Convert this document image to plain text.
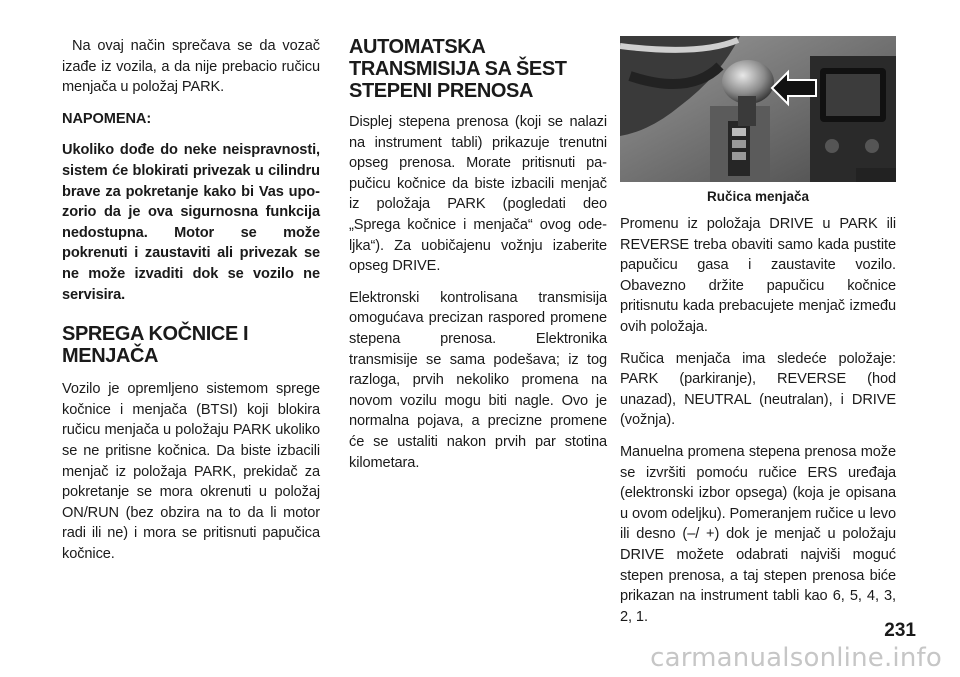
Na ovaj način sprečava se da vozač izađe iz vozila, a da nije prebacio ručicu menjača u položaj PARK.

NAPOMENA:

Ukoliko dođe do neke neispravnosti, sistem će blokirati privezak u cilindru brave za pokretanje kako bi Vas upozorio da je ova sigurnosna funkcija nedostupna. Motor se može pokrenuti i zaustaviti ali privezak se ne može izvaditi dok se vozilo ne servisira.

SPREGA KOČNICE I MENJAČA

Vozilo je opremljeno sistemom sprege kočnice i menjača (BTSI) koji blokira ručicu menjača u položaju PARK ukoliko se ne pritisne kočnica. Da biste izbacili menjač iz položaja PARK, prekidač za pokretanje se mora okrenuti u položaj ON/RUN (bez obzira na to da li motor radi ili ne) i mora se pritisnuti papučica kočnice.

AUTOMATSKA TRANSMISIJA SA ŠEST STEPENI PRENOSA

Displej stepena prenosa (koji se nalazi na instrument tabli) prikazuje trenutni opseg prenosa. Morate pritisnuti papučicu kočnice da biste izbacili menjač iz položaja PARK (pogledati deo „Sprega kočnice i menjača“ ovog odeljka“). Za uobičajenu vožnju izaberite opseg DRIVE.

Elektronski kontrolisana transmisija omogućava precizan raspored promene stepena prenosa. Elektronika transmisije se sama podešava; iz tog razloga, prvih nekoliko promena na novom vozilu mogu biti nagle. Ovo je normalna pojava, a precizne promene će se ustaliti nakon prvih par stotina kilometara.

Ručica menjača

Promenu iz položaja DRIVE u PARK ili REVERSE treba obaviti samo kada pustite papučicu gasa i zaustavite vozilo. Obavezno držite papučicu kočnice pritisnutu kada prebacujete menjač između ovih položaja.

Ručica menjača ima sledeće položaje: PARK (parkiranje), REVERSE (hod unazad), NEUTRAL (neutralan), i DRIVE (vožnja).

Manuelna promena stepena prenosa može se izvršiti pomoću ručice ERS uređaja (elektronski izbor opsega) (koja je opisana u ovom odeljku). Pomeranjem ručice u levo ili desno (–/ +) dok je menjač u položaju DRIVE možete odabrati najviši moguć stepen prenosa, a taj stepen prenosa biće prikazan na instrument tabli kao 6, 5, 4, 3, 2, 1.

231
carmanualsonline.info
